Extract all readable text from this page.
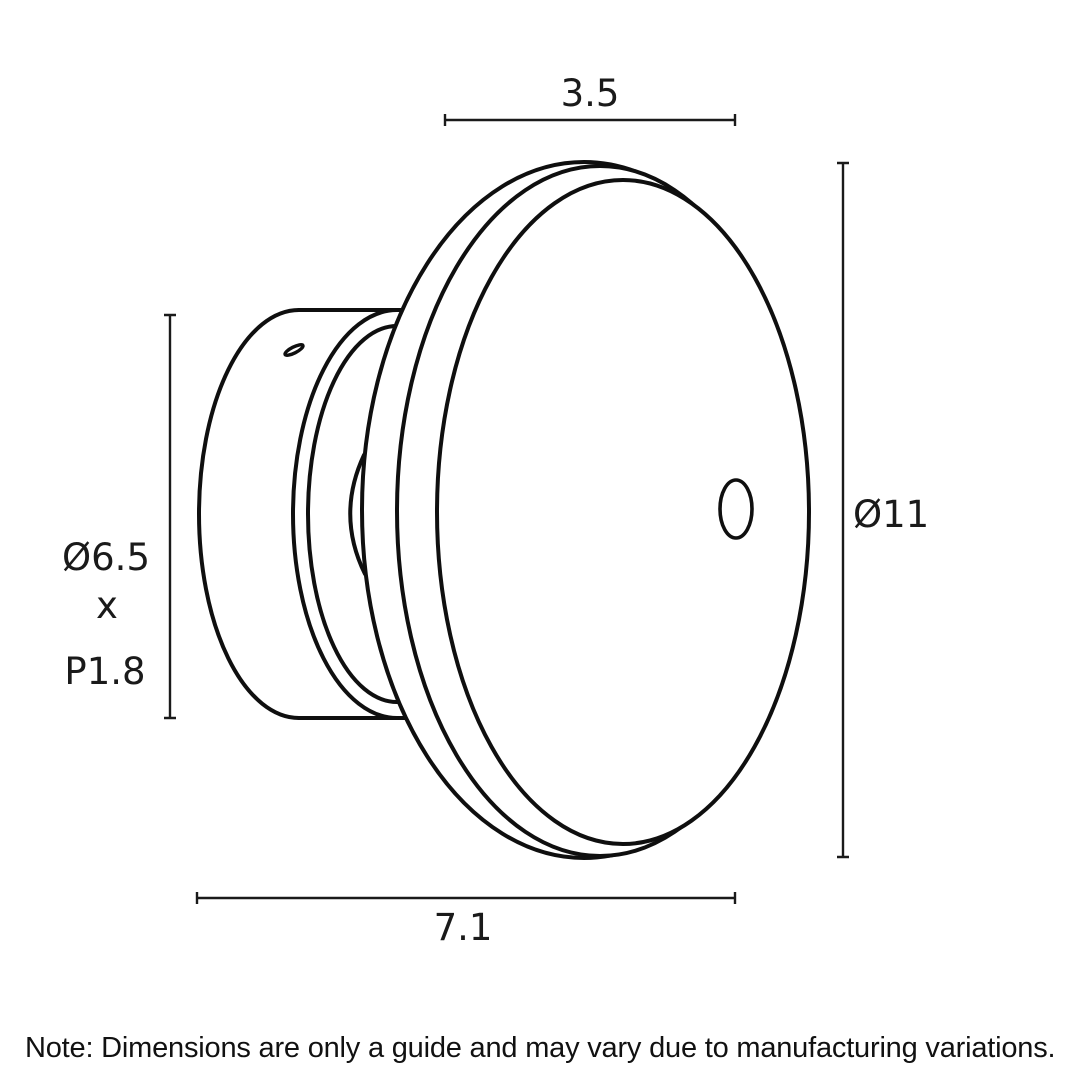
3.5
Ø11
Ø6.5
x
P1.8
7.1
Note: Dimensions are only a guide and may vary due to manufacturing variations.
